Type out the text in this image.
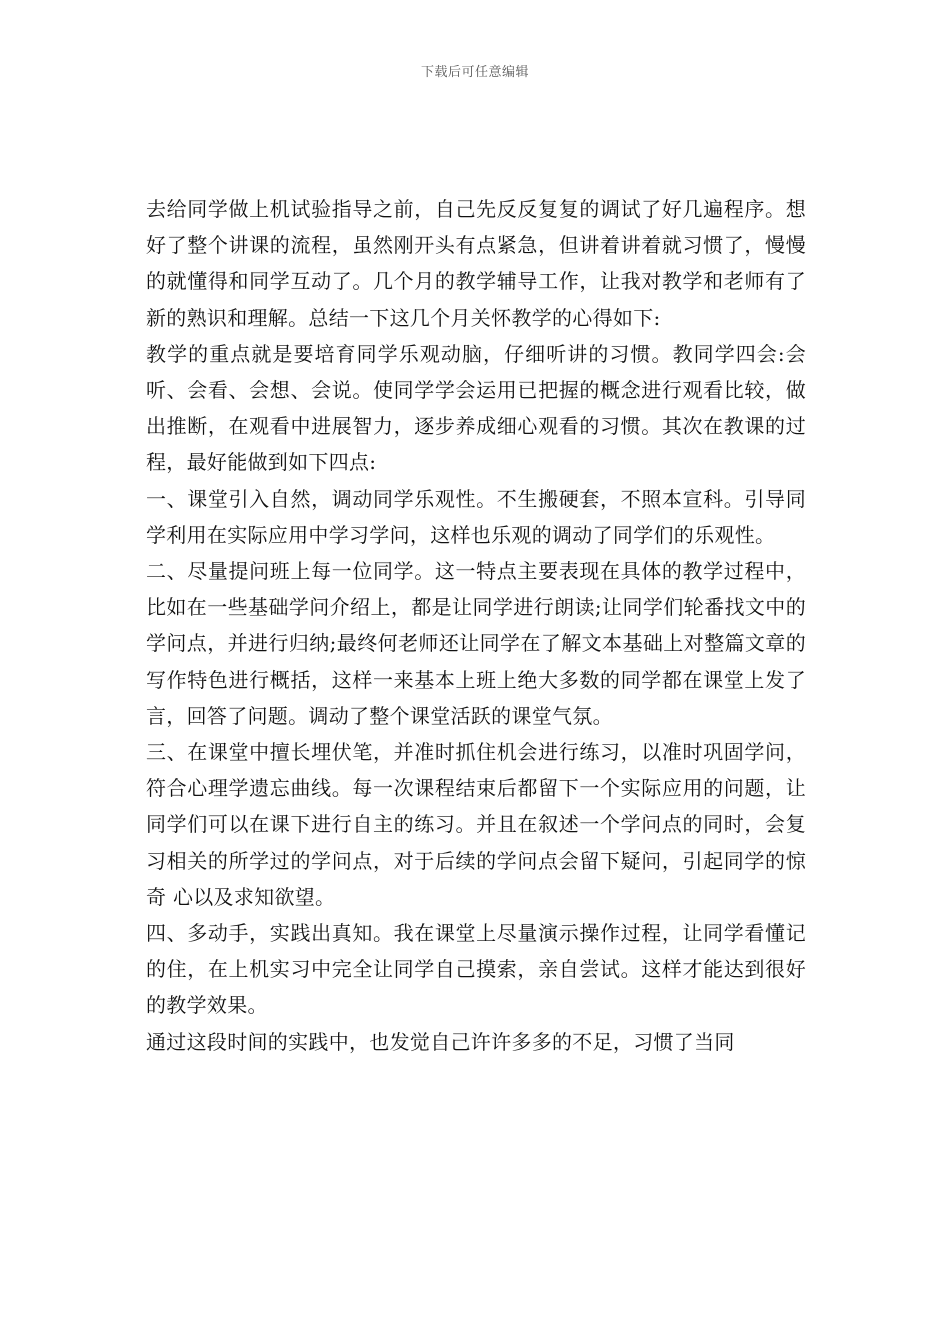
下载后可任意编辑

去给同学做上机试验指导之前，自己先反反复复的调试了好几遍程序。想好了整个讲课的流程，虽然刚开头有点紧急，但讲着讲着就习惯了，慢慢的就懂得和同学互动了。几个月的教学辅导工作，让我对教学和老师有了新的熟识和理解。总结一下这几个月关怀教学的心得如下:

教学的重点就是要培育同学乐观动脑，仔细听讲的习惯。教同学四会:会听、会看、会想、会说。使同学学会运用已把握的概念进行观看比较，做出推断，在观看中进展智力，逐步养成细心观看的习惯。其次在教课的过程，最好能做到如下四点:

一、课堂引入自然，调动同学乐观性。不生搬硬套，不照本宣科。引导同学利用在实际应用中学习学问，这样也乐观的调动了同学们的乐观性。

二、尽量提问班上每一位同学。这一特点主要表现在具体的教学过程中，比如在一些基础学问介绍上，都是让同学进行朗读;让同学们轮番找文中的学问点，并进行归纳;最终何老师还让同学在了解文本基础上对整篇文章的写作特色进行概括，这样一来基本上班上绝大多数的同学都在课堂上发了言，回答了问题。调动了整个课堂活跃的课堂气氛。

三、在课堂中擅长埋伏笔，并准时抓住机会进行练习，以准时巩固学问，符合心理学遗忘曲线。每一次课程结束后都留下一个实际应用的问题，让同学们可以在课下进行自主的练习。并且在叙述一个学问点的同时，会复习相关的所学过的学问点，对于后续的学问点会留下疑问，引起同学的惊奇 心以及求知欲望。

四、多动手，实践出真知。我在课堂上尽量演示操作过程，让同学看懂记的住，在上机实习中完全让同学自己摸索，亲自尝试。这样才能达到很好的教学效果。

通过这段时间的实践中，也发觉自己许许多多的不足，习惯了当同
